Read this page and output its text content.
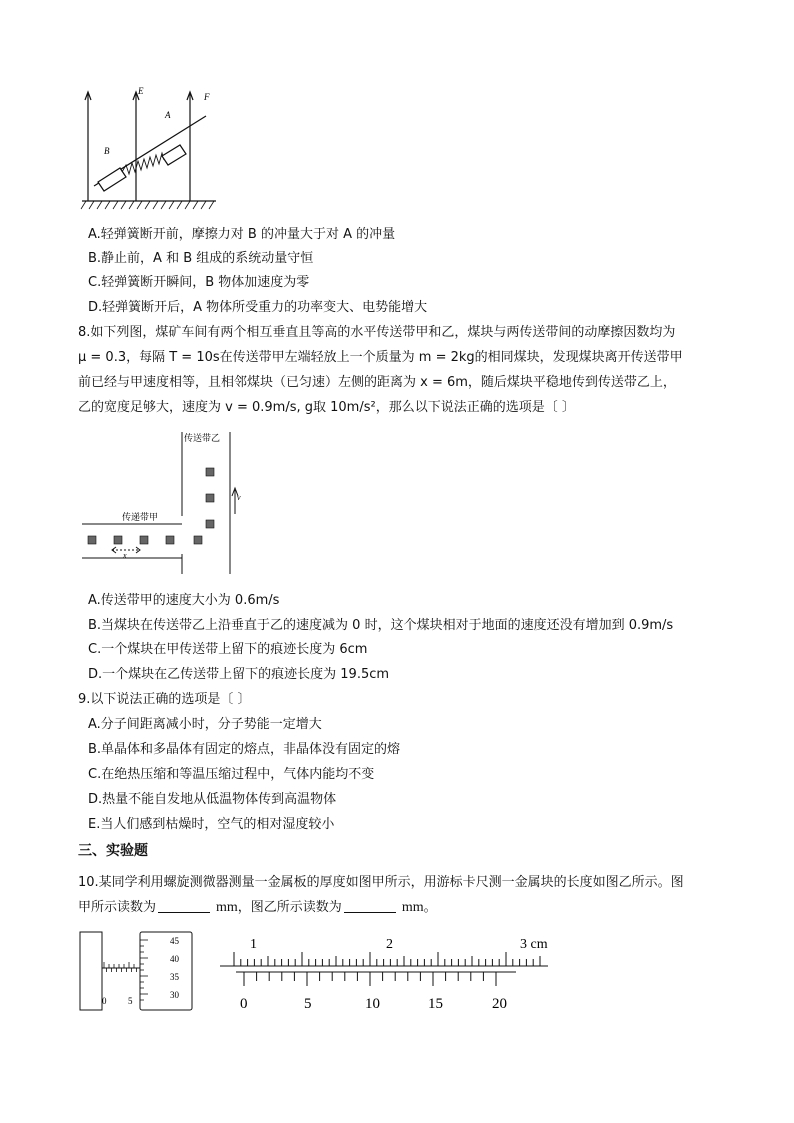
E
F
A
B
A.轻弹簧断开前，摩擦力对 B 的冲量大于对 A 的冲量
B.静止前，A 和 B 组成的系统动量守恒
C.轻弹簧断开瞬间，B 物体加速度为零
D.轻弹簧断开后，A 物体所受重力的功率变大、电势能增大
8.如下列图，煤矿车间有两个相互垂直且等高的水平传送带甲和乙，煤块与两传送带间的动摩擦因数均为
μ = 0.3，每隔 T = 10s在传送带甲左端轻放上一个质量为 m = 2kg的相同煤块，发现煤块离开传送带甲
前已经与甲速度相等，且相邻煤块（已匀速）左侧的距离为 x = 6m，随后煤块平稳地传到传送带乙上，
乙的宽度足够大，速度为 v = 0.9m/s, g取 10m/s²，那么以下说法正确的选项是〔 〕
传送带乙
传递带甲
v
x
A.传送带甲的速度大小为 0.6m/s
B.当煤块在传送带乙上沿垂直于乙的速度减为 0 时，这个煤块相对于地面的速度还没有增加到 0.9m/s
C.一个煤块在甲传送带上留下的痕迹长度为 6cm
D.一个煤块在乙传送带上留下的痕迹长度为 19.5cm
9.以下说法正确的选项是〔 〕
A.分子间距离减小时，分子势能一定增大
B.单晶体和多晶体有固定的熔点，非晶体没有固定的熔
C.在绝热压缩和等温压缩过程中，气体内能均不变
D.热量不能自发地从低温物体传到高温物体
E.当人们感到枯燥时，空气的相对湿度较小
三、实验题
10.某同学利用螺旋测微器测量一金属板的厚度如图甲所示，用游标卡尺测一金属块的长度如图乙所示。图
甲所示读数为	mm，图乙所示读数为	mm。
45
40
35
30
0 5
1	2	3 cm
0	5	10	15	20
